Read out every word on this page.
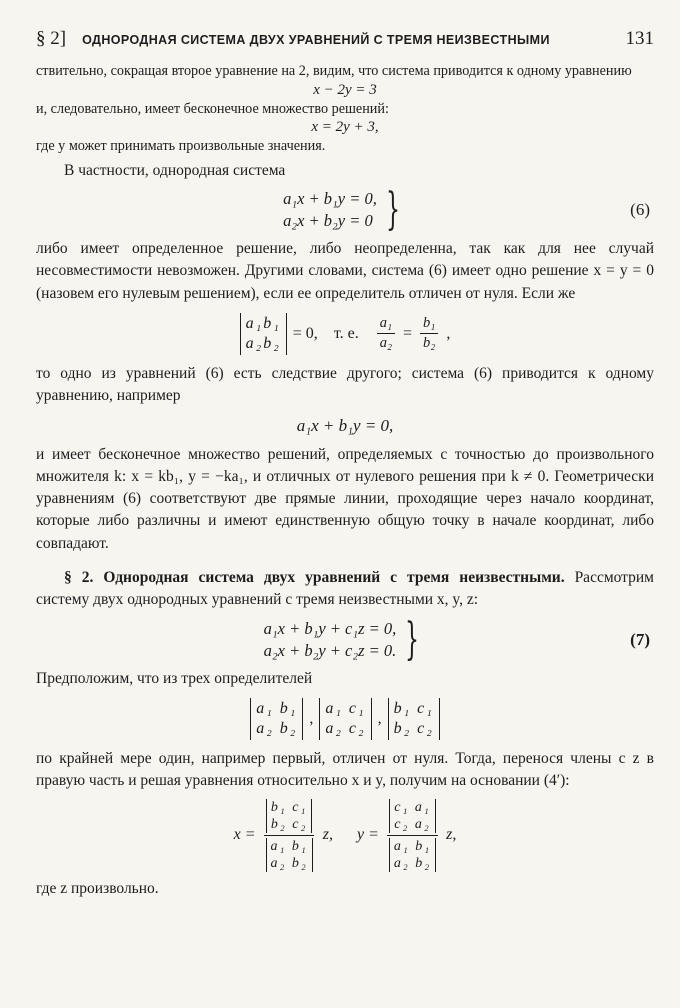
§ 2] ОДНОРОДНАЯ СИСТЕМА ДВУХ УРАВНЕНИЙ С ТРЕМЯ НЕИЗВЕСТНЫМИ	131

ствительно, сокращая второе уравнение на 2, видим, что система приводится к одному уравнению

x − 2y = 3

и, следовательно, имеет бесконечное множество решений:

x = 2y + 3,

где y может принимать произвольные значения.

В частности, однородная система

a₁x + b₁y = 0,
a₂x + b₂y = 0 }	(6)

либо имеет определенное решение, либо неопределенна, так как для нее случай несовместимости невозможен. Другими словами, система (6) имеет одно решение x = y = 0 (назовем его нулевым решением), если ее определитель отличен от нуля. Если же

a₁b₁
a₂b₂
= 0, т. е. $\frac{\text{a₁}}{\text{a₂}} = \frac{\text{b₁}}{\text{b₂}}$ ,

то одно из уравнений (6) есть следствие другого; система (6) приводится к одному уравнению, например

a₁x + b₁y = 0,

и имеет бесконечное множество решений, определяемых с точностью до произвольного множителя k: x = kb₁, y = −ka₁, и отличных от нулевого решения при k ≠ 0. Геометрически уравнениям (6) соответствуют две прямые линии, проходящие через начало координат, которые либо различны и имеют единственную общую точку в начале координат, либо совпадают.

§ 2. Однородная система двух уравнений с тремя неизвестными. Рассмотрим систему двух однородных уравнений с тремя неизвестными x, y, z:

a₁x + b₁y + c₁z = 0,
a₂x + b₂y + c₂z = 0. }	(7)

Предположим, что из трех определителей

a₁ b₁
a₂ b₂
,
a₁ c₁
a₂ c₂
,
b₁ c₁
b₂ c₂

по крайней мере один, например первый, отличен от нуля. Тогда, перенося члены с z в правую часть и решая уравнения относительно x и y, получим на основании (4′):

x = b₁ c₁
b₂ c₂
a₁ b₁
a₂ b₂ z, y = c₁ a₁
c₂ a₂
a₁ b₁
a₂ b₂ z,

где z произвольно.
